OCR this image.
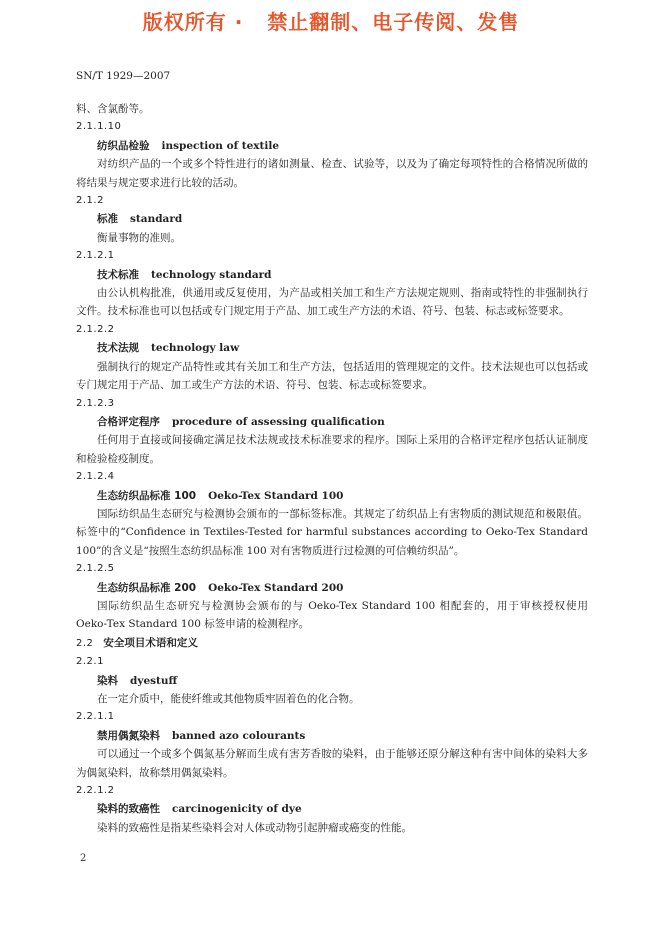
版权所有 ·   禁止翻制、电子传阅、发售
SN/T 1929—2007
料、含氯酚等。
2.1.1.10
纺织品检验 inspection of textile
对纺织产品的一个或多个特性进行的诸如测量、检查、试验等，以及为了确定每项特性的合格情况所做的将结果与规定要求进行比较的活动。
2.1.2
标准 standard
衡量事物的准则。
2.1.2.1
技术标准 technology standard
由公认机构批准，供通用或反复使用，为产品或相关加工和生产方法规定规则、指南或特性的非强制执行文件。技术标准也可以包括或专门规定用于产品、加工或生产方法的术语、符号、包装、标志或标签要求。
2.1.2.2
技术法规 technology law
强制执行的规定产品特性或其有关加工和生产方法，包括适用的管理规定的文件。技术法规也可以包括或专门规定用于产品、加工或生产方法的术语、符号、包装、标志或标签要求。
2.1.2.3
合格评定程序 procedure of assessing qualification
任何用于直接或间接确定满足技术法规或技术标准要求的程序。国际上采用的合格评定程序包括认证制度和检验检疫制度。
2.1.2.4
生态纺织品标准 100 Oeko-Tex Standard 100
国际纺织品生态研究与检测协会颁布的一部标签标准。其规定了纺织品上有害物质的测试规范和极限值。标签中的“Confidence in Textiles-Tested for harmful substances according to Oeko-Tex Standard 100”的含义是“按照生态纺织品标准 100 对有害物质进行过检测的可信赖纺织品”。
2.1.2.5
生态纺织品标准 200 Oeko-Tex Standard 200
国际纺织品生态研究与检测协会颁布的与 Oeko-Tex Standard 100 相配套的，用于审核授权使用 Oeko-Tex Standard 100 标签申请的检测程序。
2.2 安全项目术语和定义
2.2.1
染料 dyestuff
在一定介质中，能使纤维或其他物质牢固着色的化合物。
2.2.1.1
禁用偶氮染料 banned azo colourants
可以通过一个或多个偶氮基分解而生成有害芳香胺的染料，由于能够还原分解这种有害中间体的染料大多为偶氮染料，故称禁用偶氮染料。
2.2.1.2
染料的致癌性 carcinogenicity of dye
染料的致癌性是指某些染料会对人体或动物引起肿瘤或癌变的性能。
2
